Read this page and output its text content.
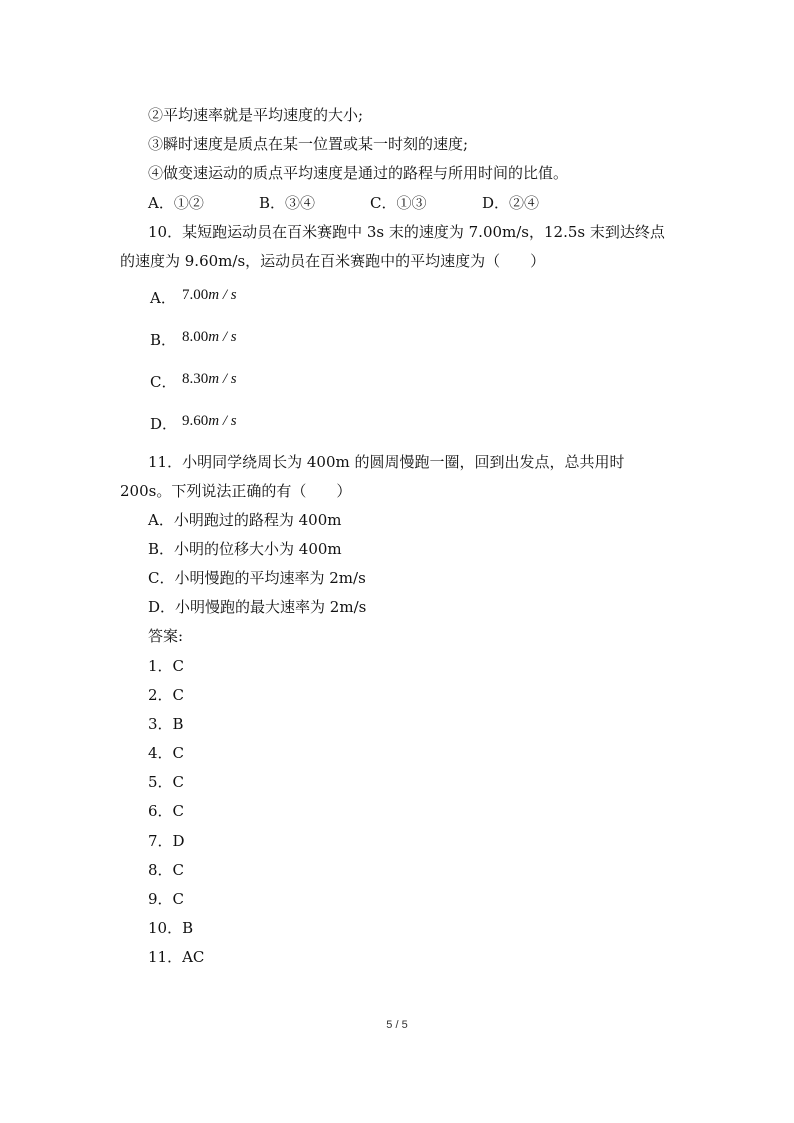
②平均速率就是平均速度的大小;
③瞬时速度是质点在某一位置或某一时刻的速度;
④做变速运动的质点平均速度是通过的路程与所用时间的比值。
A．①②	B．③④	C．①③	D．②④
10．某短跑运动员在百米赛跑中 3s 末的速度为 7.00m/s，12.5s 末到达终点
的速度为 9.60m/s，运动员在百米赛跑中的平均速度为（　　）
A． 7.00m / s
B． 8.00m / s
C． 8.30m / s
D． 9.60m / s
11．小明同学绕周长为 400m 的圆周慢跑一圈，回到出发点，总共用时
200s。下列说法正确的有（　　）
A．小明跑过的路程为 400m
B．小明的位移大小为 400m
C．小明慢跑的平均速率为 2m/s
D．小明慢跑的最大速率为 2m/s
答案:
1．C
2．C
3．B
4．C
5．C
6．C
7．D
8．C
9．C
10．B
11．AC
5 / 5
